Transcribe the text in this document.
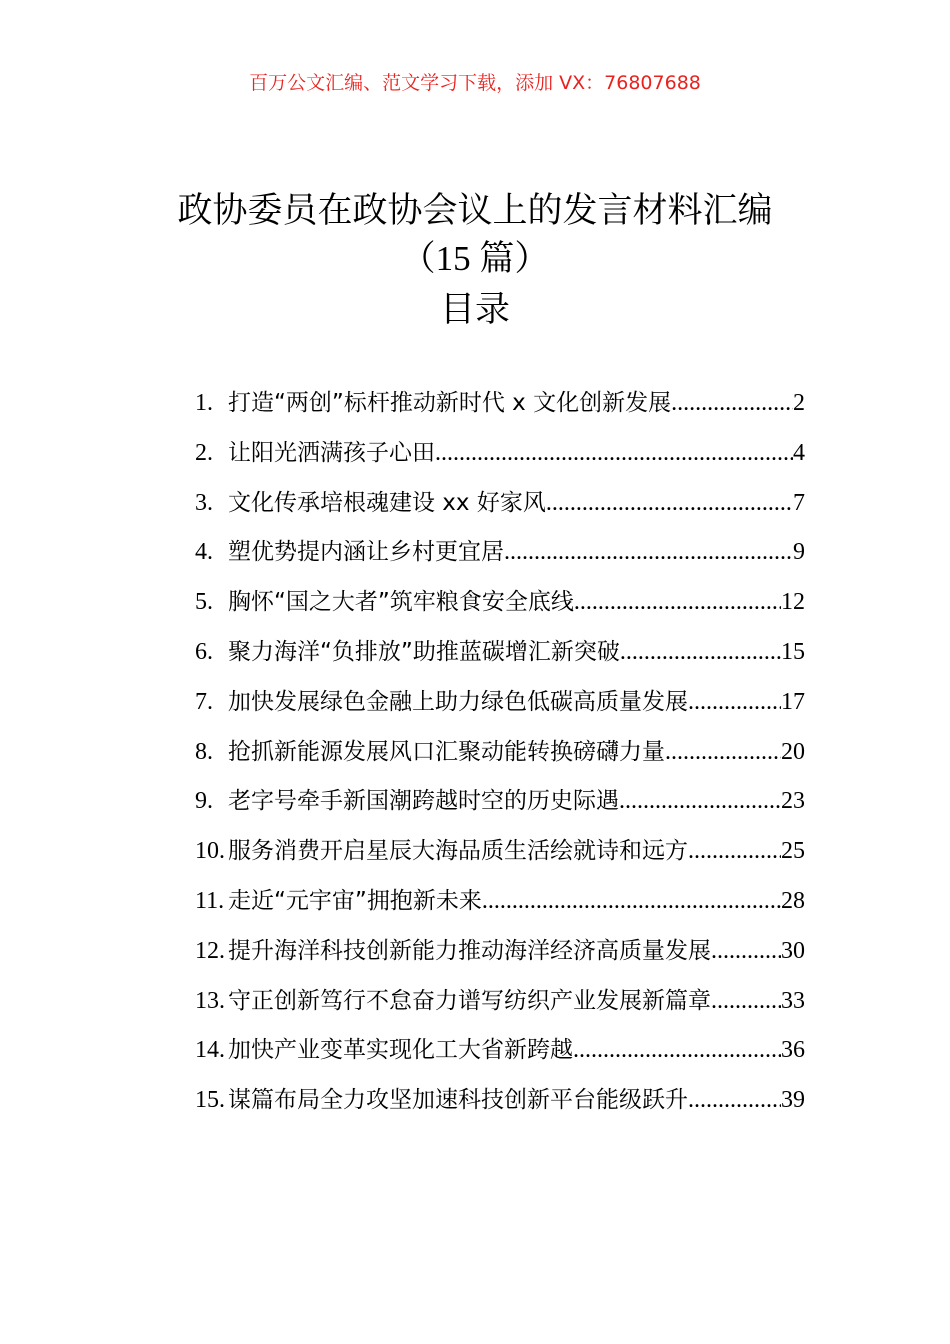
百万公文汇编、范文学习下载，添加 VX：76807688
政协委员在政协会议上的发言材料汇编
（15 篇）
目录
1. 打造“两创”标杆推动新时代 x 文化创新发展 .....	2
2. 让阳光洒满孩子心田 .....	4
3. 文化传承培根魂建设 xx 好家风 .....	7
4. 塑优势提内涵让乡村更宜居 .....	9
5. 胸怀“国之大者”筑牢粮食安全底线 .....	12
6. 聚力海洋“负排放”助推蓝碳增汇新突破 .....	15
7. 加快发展绿色金融上助力绿色低碳高质量发展 .....	17
8. 抢抓新能源发展风口汇聚动能转换磅礴力量 .....	20
9. 老字号牵手新国潮跨越时空的历史际遇 .....	23
10. 服务消费开启星辰大海品质生活绘就诗和远方 .....	25
11. 走近“元宇宙”拥抱新未来 .....	28
12. 提升海洋科技创新能力推动海洋经济高质量发展 .....	30
13. 守正创新笃行不怠奋力谱写纺织产业发展新篇章 .....	33
14. 加快产业变革实现化工大省新跨越 .....	36
15. 谋篇布局全力攻坚加速科技创新平台能级跃升 .....	39
